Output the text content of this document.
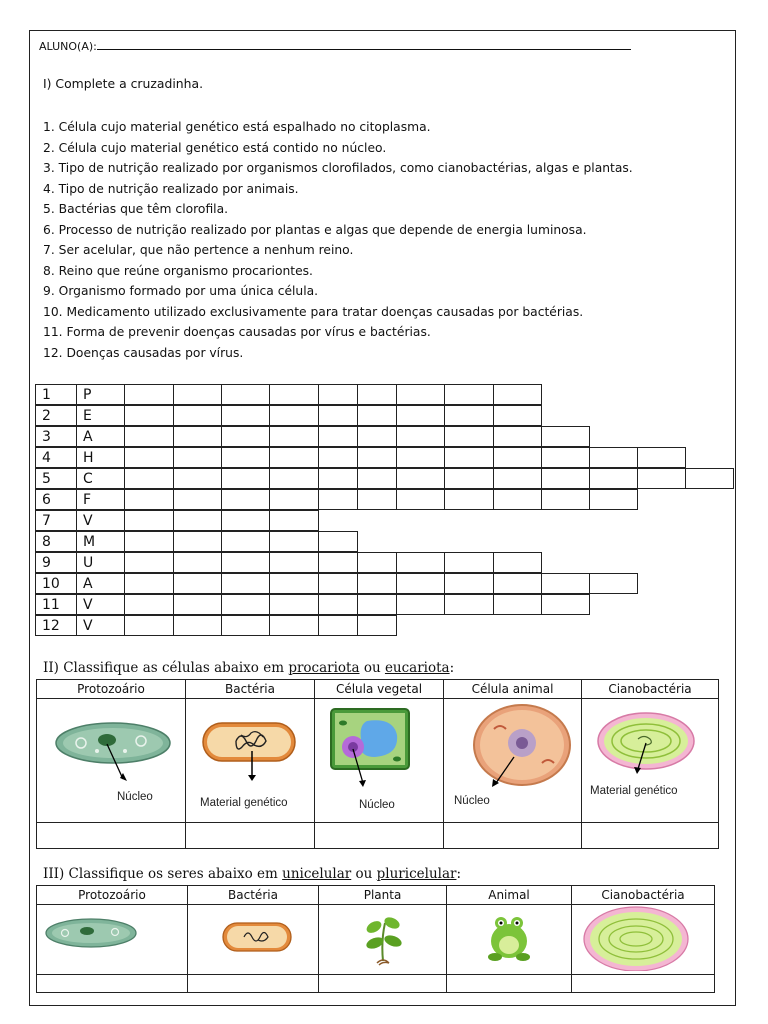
ALUNO(A):
I) Complete a cruzadinha.
1. Célula cujo material genético está espalhado no citoplasma.
2. Célula cujo material genético está contido no núcleo.
3. Tipo de nutrição realizado por organismos clorofilados, como cianobactérias, algas e plantas.
4. Tipo de nutrição realizado por animais.
5. Bactérias que têm clorofila.
6. Processo de nutrição realizado por plantas e algas que depende de energia luminosa.
7. Ser acelular, que não pertence a nenhum reino.
8. Reino que reúne organismo procariontes.
9. Organismo formado por uma única célula.
10. Medicamento utilizado exclusivamente para tratar doenças causadas por bactérias.
11. Forma de prevenir doenças causadas por vírus e bactérias.
12. Doenças causadas por vírus.
1	P
2	E
3	A
4	H
5	C
6	F
7	V
8	M
9	U
10	A
11	V
12	V
II) Classifique as células abaixo em procariota ou eucariota:
Protozoário	Bactéria	Célula vegetal	Célula animal	Cianobactéria

Núcleo	Material genético	Núcleo	Núcleo	Material genético

III) Classifique os seres abaixo em unicelular ou pluricelular:
Protozoário	Bactéria	Planta	Animal	Cianobactéria
